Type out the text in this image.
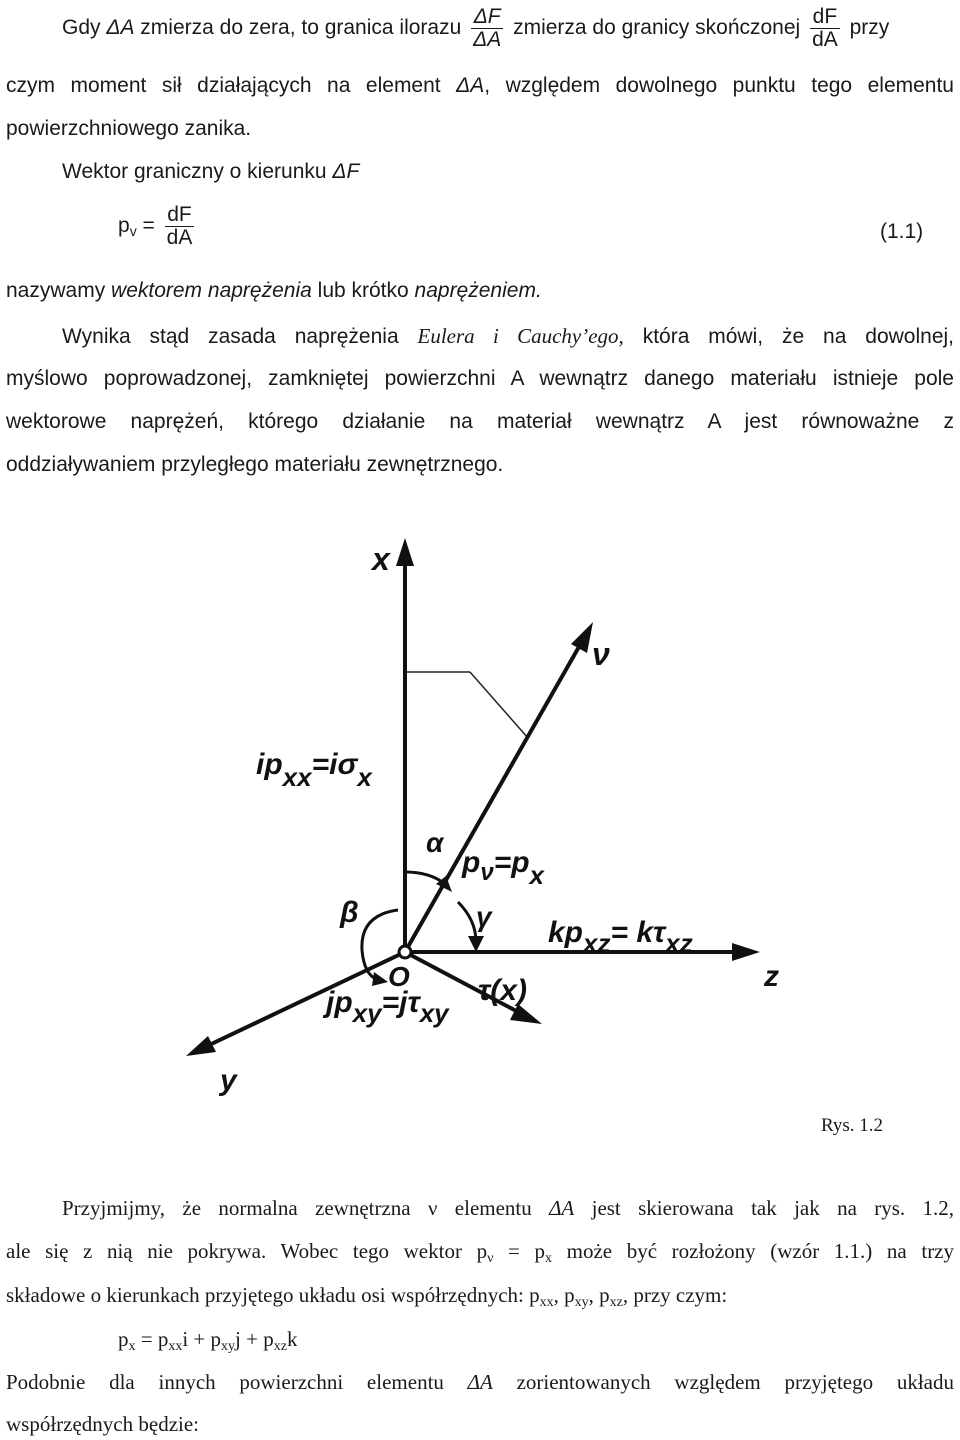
Gdy ΔA zmierza do zera, to granica ilorazu $\frac{\Delta F}{\Delta A}$ zmierza do granicy skończonej $\frac{dF}{dA}$ przy
czym moment sił działających na element ΔA, względem dowolnego punktu tego elementu
powierzchniowego zanika.
Wektor graniczny o kierunku ΔF
$p_v = \frac{dF}{dA}$	(1.1)
nazywamy wektorem naprężenia lub krótko naprężeniem.
Wynika stąd zasada naprężenia Eulera i Cauchy’ego, która mówi, że na dowolnej,
myślowo poprowadzonej, zamkniętej powierzchni A wewnątrz danego materiału istnieje pole
wektorowe naprężeń, którego działanie na materiał wewnątrz A jest równoważne z
oddziaływaniem przyległego materiału zewnętrznego.
x
ν
ipxx=iσx
α
$p_\nu=px$
β	γ kpxz= kτxz
z
O τ(x)
jpxy=jτxy
y
Rys. 1.2
Przyjmijmy, że normalna zewnętrzna ν elementu ΔA jest skierowana tak jak na rys. 1.2,
ale się z nią nie pokrywa. Wobec tego wektor $p_\nu = p_x$ może być rozłożony (wzór 1.1.) na trzy
składowe o kierunkach przyjętego układu osi współrzędnych: $p_{xx}$, $p_{xy}$, $p_{xz}$, przy czym:
$p_x = p_{xx}i + p_{xy}j + p_{xz}k$
Podobnie dla innych powierzchni elementu ΔA zorientowanych względem przyjętego układu
współrzędnych będzie:
